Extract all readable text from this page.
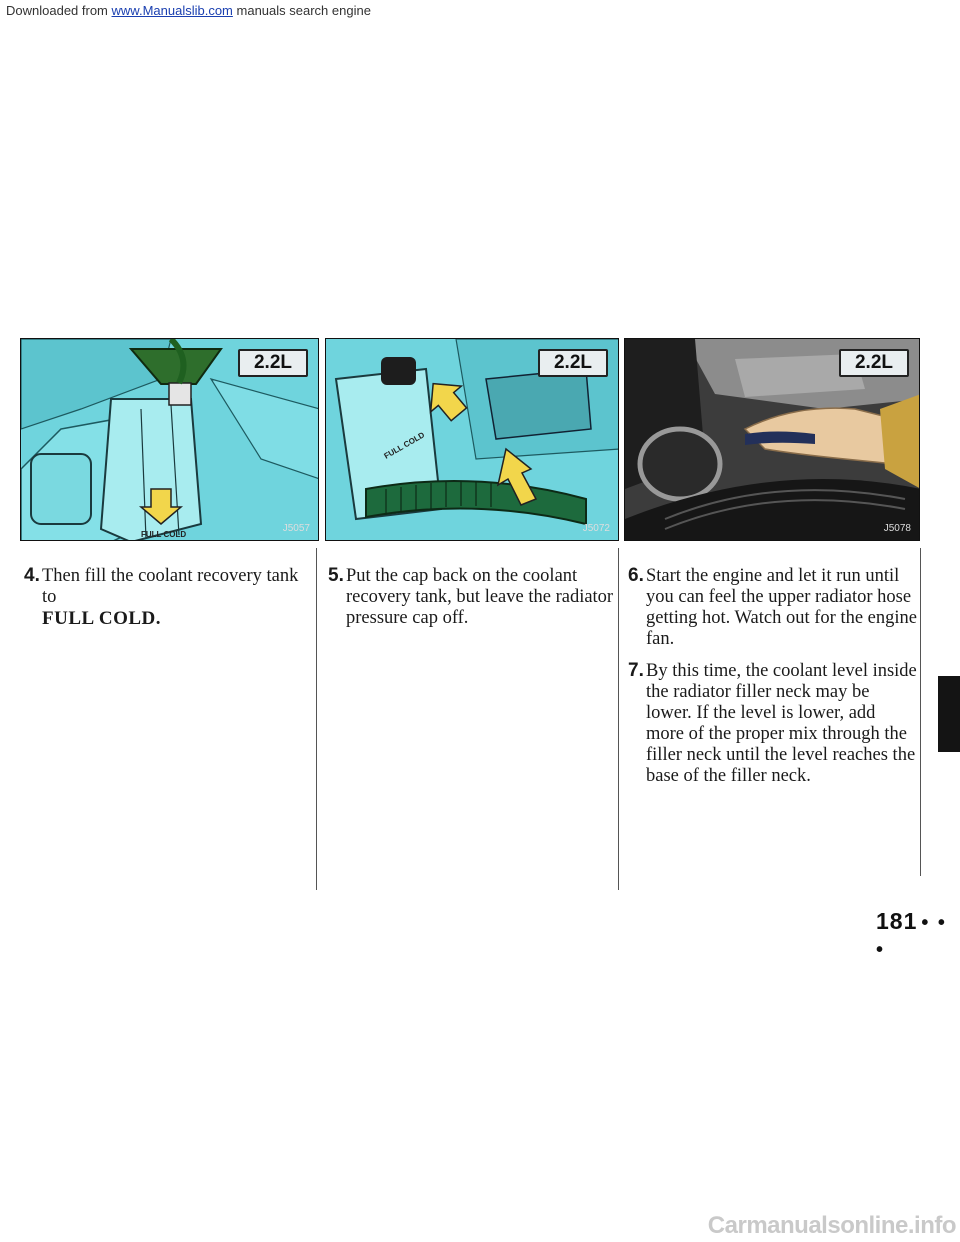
Downloaded from www.Manualslib.com manuals search engine
FULL COLD
2.2L
J5057
FULL COLD
2.2L
J5072
2.2L
J5078
4. Then fill the coolant recovery tank to
FULL COLD.
5. Put the cap back on the coolant recovery tank, but leave the radiator pressure cap off.
6. Start the engine and let it run until you can feel the upper radiator hose getting hot. Watch out for the engine fan.
7. By this time, the coolant level inside the radiator filler neck may be lower. If the level is lower, add more of the proper mix through the filler neck until the level reaches the base of the filler neck.
181 • • •
Carmanualsonline.info
